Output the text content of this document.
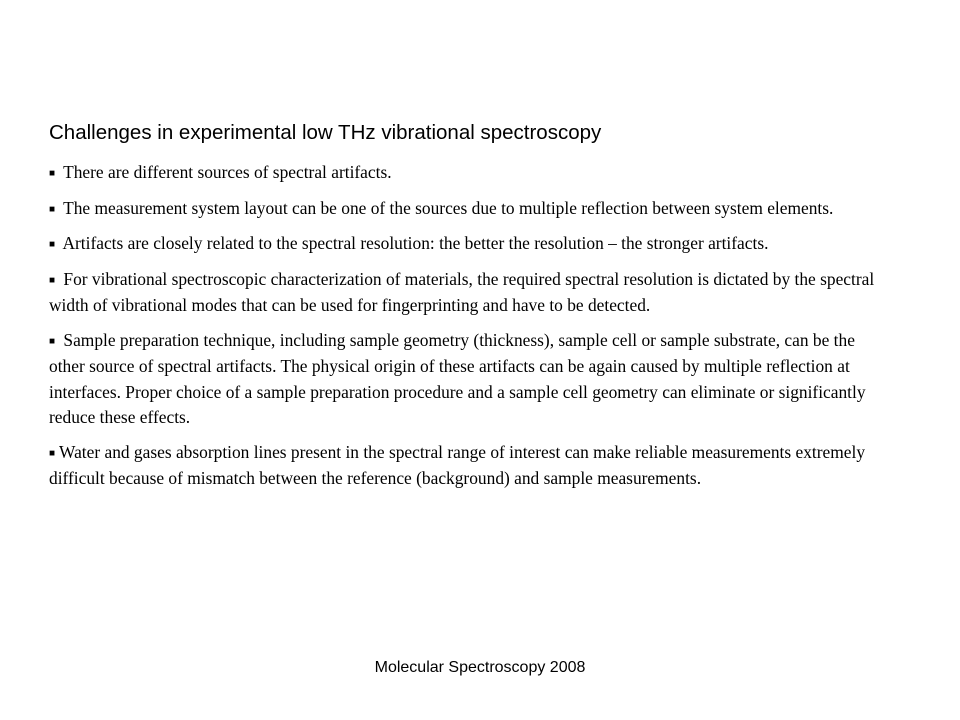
Challenges in experimental low THz vibrational spectroscopy
■ There are different sources of spectral artifacts.
■ The measurement system layout can be one of the sources due to multiple reflection between system elements.
■ Artifacts are closely related to the spectral resolution: the better the resolution – the stronger artifacts.
■ For vibrational spectroscopic characterization of materials, the required spectral resolution is dictated by the spectral width of vibrational modes that can be used for fingerprinting and have to be detected.
■ Sample preparation technique, including sample geometry (thickness), sample cell or sample substrate, can be the other source of spectral artifacts. The physical origin of these artifacts can be again caused by multiple reflection at interfaces. Proper choice of a sample preparation procedure and a sample cell geometry can eliminate or significantly reduce these effects.
■ Water and gases absorption lines present in the spectral range of interest can make reliable measurements extremely difficult because of mismatch between the reference (background) and sample measurements.
Molecular Spectroscopy 2008
